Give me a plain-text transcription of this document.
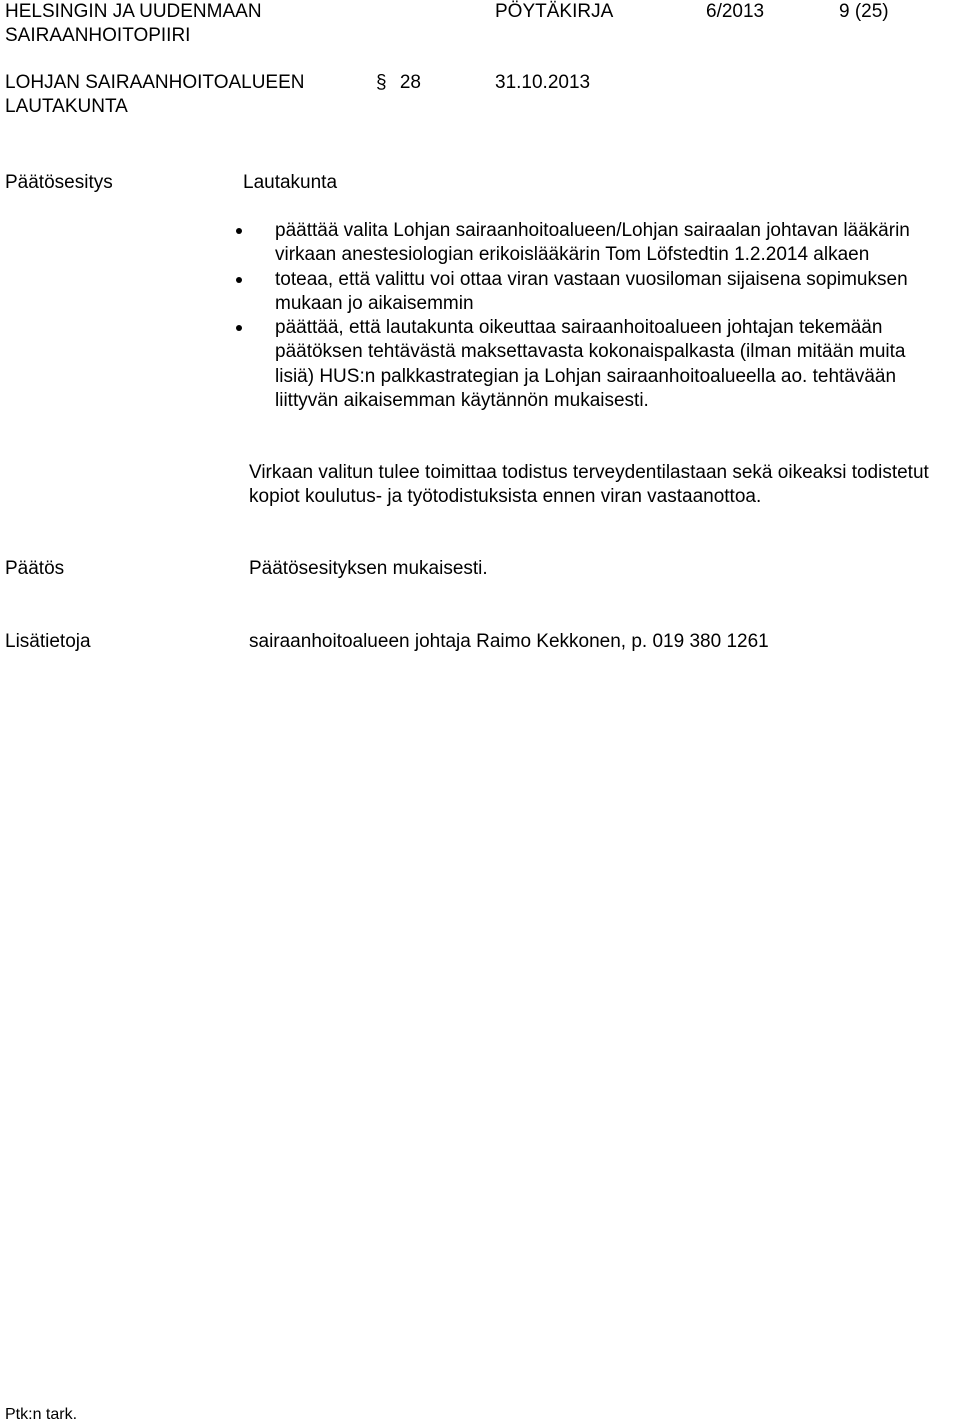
HELSINGIN JA UUDENMAAN
SAIRAANHOITOPIIRI
PÖYTÄKIRJA	6/2013	9 (25)
LOHJAN SAIRAANHOITOALUEEN
LAUTAKUNTA
§ 28	31.10.2013
Päätösesitys	Lautakunta
päättää valita Lohjan sairaanhoitoalueen/Lohjan sairaalan johtavan lääkärin virkaan anestesiologian erikoislääkärin Tom Löfstedtin 1.2.2014 alkaen
toteaa, että valittu voi ottaa viran vastaan vuosiloman sijaisena sopimuksen mukaan jo aikaisemmin
päättää, että lautakunta oikeuttaa sairaanhoitoalueen johtajan tekemään päätöksen tehtävästä maksettavasta kokonaispalkasta (ilman mitään muita lisiä) HUS:n palkkastrategian ja Lohjan sairaanhoitoalueella ao. tehtävään liittyvän aikaisemman käytännön mukaisesti.
Virkaan valitun tulee toimittaa todistus terveydentilastaan sekä oikeaksi todistetut kopiot koulutus- ja työtodistuksista ennen viran vastaanottoa.
Päätös	Päätösesityksen mukaisesti.
Lisätietoja	sairaanhoitoalueen johtaja Raimo Kekkonen, p. 019 380 1261
Ptk:n tark.
